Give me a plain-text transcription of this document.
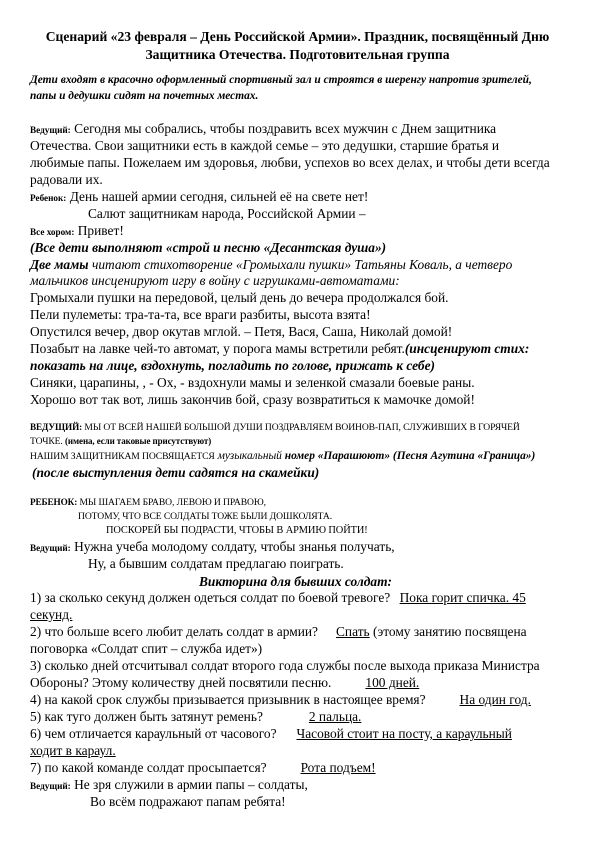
Сценарий «23 февраля – День Российской Армии». Праздник, посвящённый Дню
Защитника Отечества. Подготовительная группа
Дети входят в красочно оформленный спортивный зал и строятся в шеренгу напротив зрителей,
папы и дедушки сидят на почетных местах.
Ведущий: Сегодня мы собрались, чтобы поздравить всех мужчин с Днем защитника
Отечества. Свои защитники есть в каждой семье – это дедушки, старшие братья и
любимые папы. Пожелаем им здоровья, любви, успехов во всех делах, и чтобы дети всегда
радовали их.
Ребенок: День нашей армии сегодня, сильней её на свете нет!
Салют защитникам народа, Российской Армии –
Все хором: Привет!
(Все дети выполняют «строй и песню «Десантская душа»)
Две мамы читают стихотворение «Громыхали пушки» Татьяны Коваль, а четверо
мальчиков инсценируют игру в войну с игрушками-автоматами:
Громыхали пушки на передовой, целый день до вечера продолжался бой.
Пели пулеметы: тра-та-та, все враги разбиты, высота взята!
Опустился вечер, двор окутав мглой. – Петя, Вася, Саша, Николай домой!
Позабыт на лавке чей-то автомат, у порога мамы встретили ребят.(инсценируют стих:
показать на лице, вздохнуть, погладить по голове, прижать к себе)
Синяки, царапины, , - Ох, - вздохнули мамы и зеленкой смазали боевые раны.
Хорошо вот так вот, лишь закончив бой, сразу возвратиться к мамочке домой!
ВЕДУЩИЙ: МЫ ОТ ВСЕЙ НАШЕЙ БОЛЬШОЙ ДУШИ ПОЗДРАВЛЯЕМ ВОИНОВ-ПАП, СЛУЖИВШИХ В ГОРЯЧЕЙ
ТОЧКЕ. (имена, если таковые присутствуют)
НАШИМ ЗАЩИТНИКАМ ПОСВЯЩАЕТСЯ музыкальный номер «Парашюют» (Песня Агутина «Граница»)
(после выступления дети садятся на скамейки)
РЕБЕНОК: МЫ ШАГАЕМ БРАВО, ЛЕВОЮ И ПРАВОЮ,
ПОТОМУ, ЧТО ВСЕ СОЛДАТЫ ТОЖЕ БЫЛИ ДОШКОЛЯТА.
ПОСКОРЕЙ БЫ ПОДРАСТИ, ЧТОБЫ В АРМИЮ ПОЙТИ!
Ведущий: Нужна учеба молодому солдату, чтобы знанья получать,
Ну, а бывшим солдатам предлагаю поиграть.
Викторина для бывших солдат:
1) за сколько секунд должен одеться солдат по боевой тревоге? Пока горит спичка. 45
секунд.
2) что больше всего любит делать солдат в армии? Спать (этому занятию посвящена
поговорка «Солдат спит – служба идет»)
3) сколько дней отсчитывал солдат второго года службы после выхода приказа Министра
Обороны? Этому количеству дней посвятили песню.	100 дней.
4) на какой срок службы призывается призывник в настоящее время?	На один год.
5) как туго должен быть затянут ремень?	2 пальца.
6) чем отличается караульный от часового? Часовой стоит на посту, а караульный
ходит в караул.
7) по какой команде солдат просыпается?	Рота подъем!
Ведущий: Не зря служили в армии папы – солдаты,
Во всём подражают папам ребята!
